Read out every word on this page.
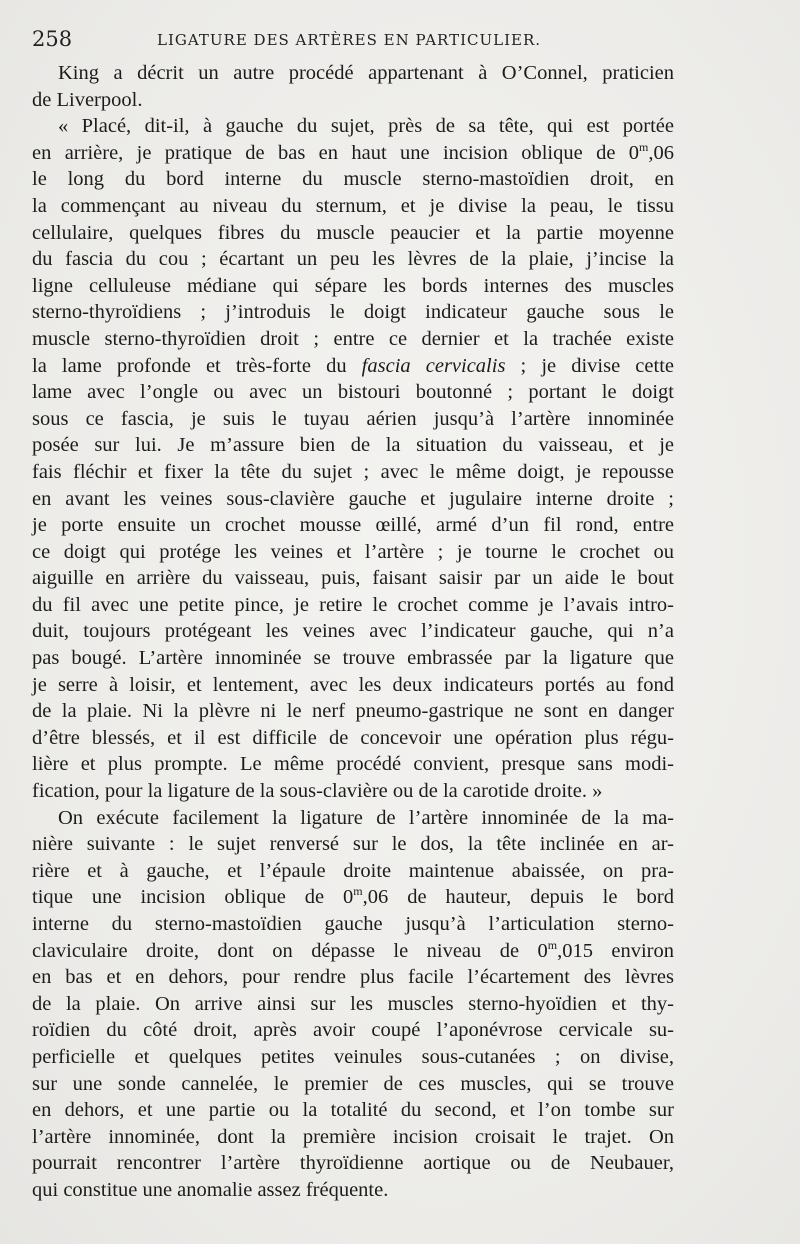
258	LIGATURE DES ARTÈRES EN PARTICULIER.
King a décrit un autre procédé appartenant à O’Connel, praticien
de Liverpool.
« Placé, dit-il, à gauche du sujet, près de sa tête, qui est portée
en arrière, je pratique de bas en haut une incision oblique de 0$^m$,06
le long du bord interne du muscle sterno-mastoïdien droit, en
la commençant au niveau du sternum, et je divise la peau, le tissu
cellulaire, quelques fibres du muscle peaucier et la partie moyenne
du fascia du cou ; écartant un peu les lèvres de la plaie, j’incise la
ligne celluleuse médiane qui sépare les bords internes des muscles
sterno-thyroïdiens ; j’introduis le doigt indicateur gauche sous le
muscle sterno-thyroïdien droit ; entre ce dernier et la trachée existe
la lame profonde et très-forte du fascia cervicalis ; je divise cette
lame avec l’ongle ou avec un bistouri boutonné ; portant le doigt
sous ce fascia, je suis le tuyau aérien jusqu’à l’artère innominée
posée sur lui. Je m’assure bien de la situation du vaisseau, et je
fais fléchir et fixer la tête du sujet ; avec le même doigt, je repousse
en avant les veines sous-clavière gauche et jugulaire interne droite ;
je porte ensuite un crochet mousse œillé, armé d’un fil rond, entre
ce doigt qui protége les veines et l’artère ; je tourne le crochet ou
aiguille en arrière du vaisseau, puis, faisant saisir par un aide le bout
du fil avec une petite pince, je retire le crochet comme je l’avais intro-
duit, toujours protégeant les veines avec l’indicateur gauche, qui n’a
pas bougé. L’artère innominée se trouve embrassée par la ligature que
je serre à loisir, et lentement, avec les deux indicateurs portés au fond
de la plaie. Ni la plèvre ni le nerf pneumo-gastrique ne sont en danger
d’être blessés, et il est difficile de concevoir une opération plus régu-
lière et plus prompte. Le même procédé convient, presque sans modi-
fication, pour la ligature de la sous-clavière ou de la carotide droite. »
On exécute facilement la ligature de l’artère innominée de la ma-
nière suivante : le sujet renversé sur le dos, la tête inclinée en ar-
rière et à gauche, et l’épaule droite maintenue abaissée, on pra-
tique une incision oblique de 0$^m$,06 de hauteur, depuis le bord
interne du sterno-mastoïdien gauche jusqu’à l’articulation sterno-
claviculaire droite, dont on dépasse le niveau de 0$^m$,015 environ
en bas et en dehors, pour rendre plus facile l’écartement des lèvres
de la plaie. On arrive ainsi sur les muscles sterno-hyoïdien et thy-
roïdien du côté droit, après avoir coupé l’aponévrose cervicale su-
perficielle et quelques petites veinules sous-cutanées ; on divise,
sur une sonde cannelée, le premier de ces muscles, qui se trouve
en dehors, et une partie ou la totalité du second, et l’on tombe sur
l’artère innominée, dont la première incision croisait le trajet. On
pourrait rencontrer l’artère thyroïdienne aortique ou de Neubauer,
qui constitue une anomalie assez fréquente.
